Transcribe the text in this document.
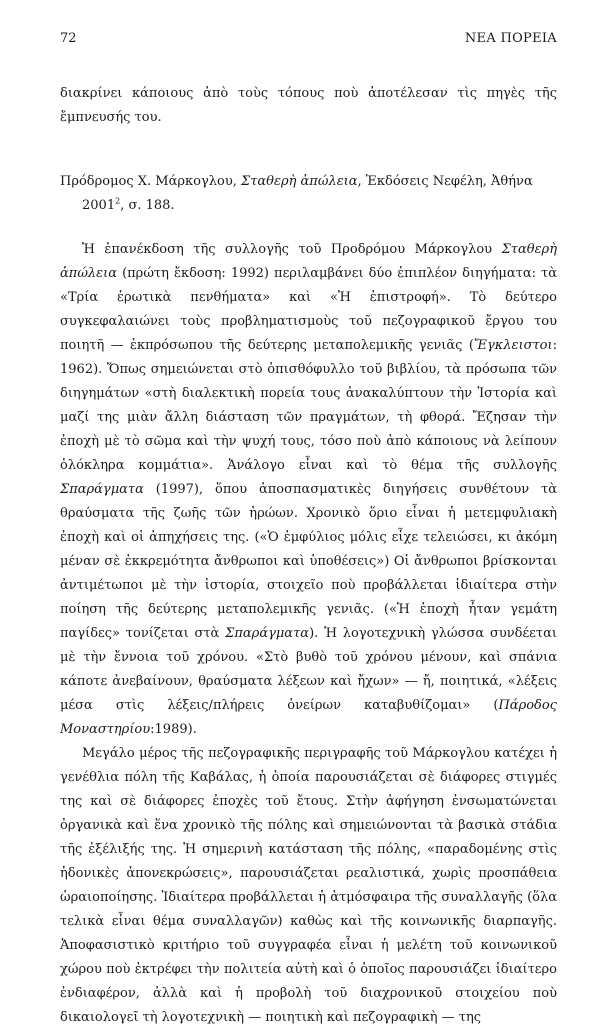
72	ΝΕΑ ΠΟΡΕΙΑ
διακρίνει κάποιους ἀπὸ τοὺς τόπους ποὺ ἀποτέλεσαν τὶς πηγὲς τῆς ἔμπνευσής του.
Πρόδρομος Χ. Μάρκογλου, Σταθερὴ ἀπώλεια, Ἐκδόσεις Νεφέλη, Ἀθήνα 2001$^2$, σ. 188.

Ἡ ἐπανέκδοση τῆς συλλογῆς τοῦ Προδρόμου Μάρκογλου Σταθερὴ ἀπώλεια (πρώτη ἔκδοση: 1992) περιλαμβάνει δύο ἐπιπλέον διηγήματα: τὰ «Τρία ἐρωτικὰ πενθήματα» καὶ «Ἡ ἐπιστροφή». Τὸ δεύτερο συγκεφαλαιώνει τοὺς προβληματισμοὺς τοῦ πεζογραφικοῦ ἔργου του ποιητῆ — ἐκπρόσωπου τῆς δεύτερης μεταπολεμικῆς γενιᾶς (Ἔγκλειστοι: 1962). Ὅπως σημειώνεται στὸ ὀπισθόφυλλο τοῦ βιβλίου, τὰ πρόσωπα τῶν διηγημάτων «στὴ διαλεκτικὴ πορεία τους ἀνακαλύπτουν τὴν Ἱστορία καὶ μαζί της μιὰν ἄλλη διάσταση τῶν πραγμάτων, τὴ φθορά. Ἔζησαν τὴν ἐποχὴ μὲ τὸ σῶμα καὶ τὴν ψυχή τους, τόσο ποὺ ἀπὸ κάποιους νὰ λείπουν ὁλόκληρα κομμάτια». Ἀνάλογο εἶναι καὶ τὸ θέμα τῆς συλλογῆς Σπαράγματα (1997), ὅπου ἀποσπασματικὲς διηγήσεις συνθέτουν τὰ θραύσματα τῆς ζωῆς τῶν ἡρώων. Χρονικὸ ὅριο εἶναι ἡ μετεμφυλιακὴ ἐποχὴ καὶ οἱ ἀπηχήσεις της. («Ὁ ἐμφύλιος μόλις εἶχε τελειώσει, κι ἀκόμη μέναν σὲ ἐκκρεμότητα ἄνθρωποι καὶ ὑποθέσεις») Οἱ ἄνθρωποι βρίσκονται ἀντιμέτωποι μὲ τὴν ἱστορία, στοιχεῖο ποὺ προβάλλεται ἰδιαίτερα στὴν ποίηση τῆς δεύτερης μεταπολεμικῆς γενιᾶς. («Ἡ ἐποχὴ ἦταν γεμάτη παγίδες» τονίζεται στὰ Σπαράγματα). Ἡ λογοτεχνικὴ γλώσσα συνδέεται μὲ τὴν ἔννοια τοῦ χρόνου. «Στὸ βυθὸ τοῦ χρόνου μένουν, καὶ σπάνια κάποτε ἀνεβαίνουν, θραύσματα λέξεων καὶ ἤχων» — ἤ, ποιητικά, «λέξεις μέσα στὶς λέξεις/πλήρεις ὀνείρων καταβυθίζομαι» (Πάροδος Μοναστηρίου:1989).

Μεγάλο μέρος τῆς πεζογραφικῆς περιγραφῆς τοῦ Μάρκογλου κατέχει ἡ γενέθλια πόλη τῆς Καβάλας, ἡ ὁποία παρουσιάζεται σὲ διάφορες στιγμές της καὶ σὲ διάφορες ἐποχὲς τοῦ ἔτους. Στὴν ἀφήγηση ἐνσωματώνεται ὀργανικὰ καὶ ἕνα χρονικὸ τῆς πόλης καὶ σημειώνονται τὰ βασικὰ στάδια τῆς ἐξέλιξής της. Ἡ σημερινὴ κατάσταση τῆς πόλης, «παραδομένης στὶς ἡδονικὲς ἀπονεκρώσεις», παρουσιάζεται ρεαλιστικά, χωρὶς προσπάθεια ὡραιοποίησης. Ἰδιαίτερα προβάλλεται ἡ ἀτμόσφαιρα τῆς συναλλαγῆς (ὅλα τελικὰ εἶναι θέμα συναλλαγῶν) καθὼς καὶ τῆς κοινωνικῆς διαρπαγῆς. Ἀποφασιστικὸ κριτήριο τοῦ συγγραφέα εἶναι ἡ μελέτη τοῦ κοινωνικοῦ χώρου ποὺ ἐκτρέφει τὴν πολιτεία αὐτὴ καὶ ὁ ὁποῖος παρουσιάζει ἰδιαίτερο ἐνδιαφέρον, ἀλλὰ καὶ ἡ προβολὴ τοῦ διαχρονικοῦ στοιχείου ποὺ δικαιολογεῖ τὴ λογοτεχνικὴ — ποιητικὴ καὶ πεζογραφικὴ — της
